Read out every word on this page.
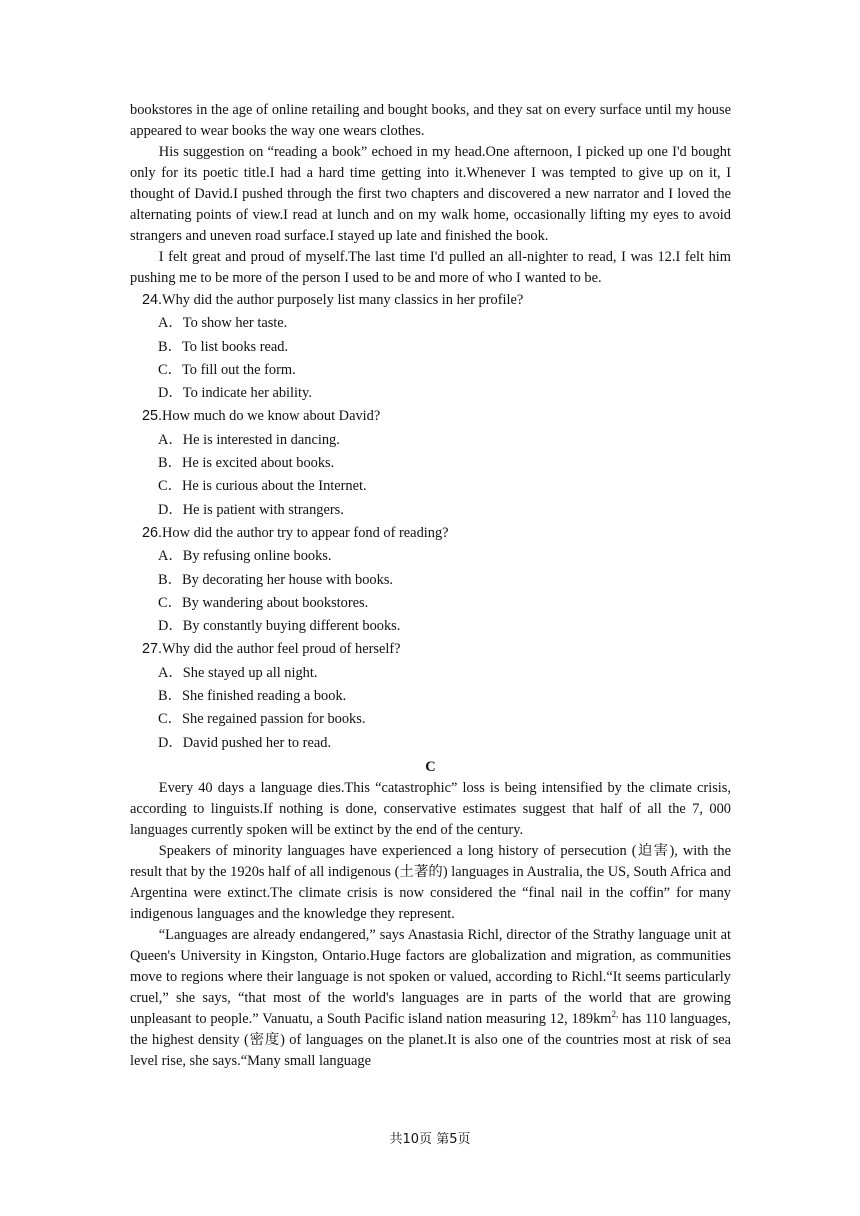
bookstores in the age of online retailing and bought books, and they sat on every surface until my house appeared to wear books the way one wears clothes.

His suggestion on “reading a book” echoed in my head.One afternoon, I picked up one I'd bought only for its poetic title.I had a hard time getting into it.Whenever I was tempted to give up on it, I thought of David.I pushed through the first two chapters and discovered a new narrator and I loved the alternating points of view.I read at lunch and on my walk home, occasionally lifting my eyes to avoid strangers and uneven road surface.I stayed up late and finished the book.

I felt great and proud of myself.The last time I'd pulled an all-nighter to read, I was 12.I felt him pushing me to be more of the person I used to be and more of who I wanted to be.

24.Why did the author purposely list many classics in her profile?

A．To show her taste.

B．To list books read.

C．To fill out the form.

D．To indicate her ability.

25.How much do we know about David?

A．He is interested in dancing.

B．He is excited about books.

C．He is curious about the Internet.

D．He is patient with strangers.

26.How did the author try to appear fond of reading?

A．By refusing online books.

B．By decorating her house with books.

C．By wandering about bookstores.

D．By constantly buying different books.

27.Why did the author feel proud of herself?

A．She stayed up all night.

B．She finished reading a book.

C．She regained passion for books.

D．David pushed her to read.

C

Every 40 days a language dies.This “catastrophic” loss is being intensified by the climate crisis, according to linguists.If nothing is done, conservative estimates suggest that half of all the 7, 000 languages currently spoken will be extinct by the end of the century.

Speakers of minority languages have experienced a long history of persecution (迫害), with the result that by the 1920s half of all indigenous (土著的) languages in Australia, the US, South Africa and Argentina were extinct.The climate crisis is now considered the “final nail in the coffin” for many indigenous languages and the knowledge they represent.

“Languages are already endangered,” says Anastasia Richl, director of the Strathy language unit at Queen's University in Kingston, Ontario.Huge factors are globalization and migration, as communities move to regions where their language is not spoken or valued, according to Richl.“It seems particularly cruel,” she says, “that most of the world's languages are in parts of the world that are growing unpleasant to people.” Vanuatu, a South Pacific island nation measuring 12, $189km^{2,}$ has 110 languages, the highest density (密度) of languages on the planet.It is also one of the countries most at risk of sea level rise, she says.“Many small language

共10页 第5页
